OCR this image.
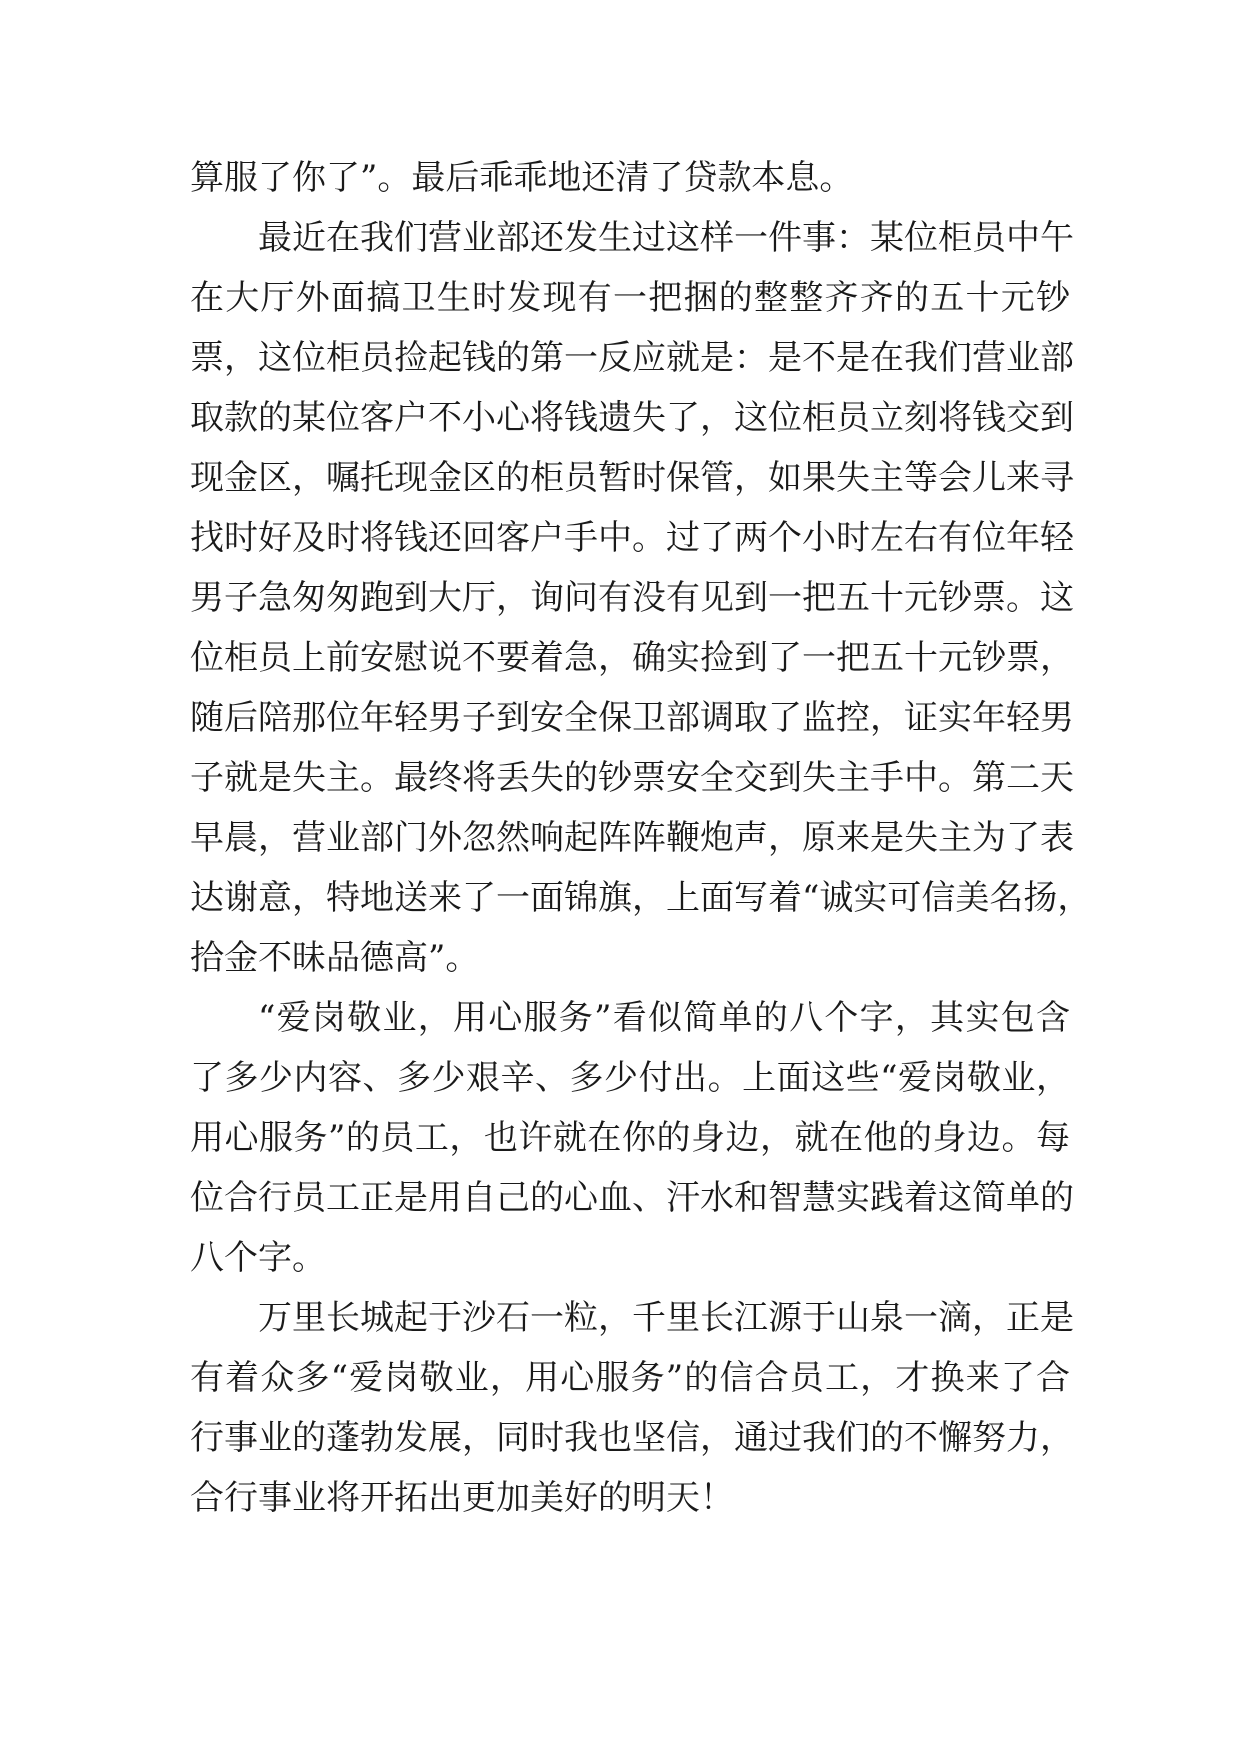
算服了你了”。最后乖乖地还清了贷款本息。
最近在我们营业部还发生过这样一件事：某位柜员中午
在大厅外面搞卫生时发现有一把捆的整整齐齐的五十元钞
票，这位柜员捡起钱的第一反应就是：是不是在我们营业部
取款的某位客户不小心将钱遗失了，这位柜员立刻将钱交到
现金区，嘱托现金区的柜员暂时保管，如果失主等会儿来寻
找时好及时将钱还回客户手中。过了两个小时左右有位年轻
男子急匆匆跑到大厅，询问有没有见到一把五十元钞票。这
位柜员上前安慰说不要着急，确实捡到了一把五十元钞票，
随后陪那位年轻男子到安全保卫部调取了监控，证实年轻男
子就是失主。最终将丢失的钞票安全交到失主手中。第二天
早晨，营业部门外忽然响起阵阵鞭炮声，原来是失主为了表
达谢意，特地送来了一面锦旗，上面写着“诚实可信美名扬，
拾金不昧品德高”。
“爱岗敬业，用心服务”看似简单的八个字，其实包含
了多少内容、多少艰辛、多少付出。上面这些“爱岗敬业，
用心服务”的员工，也许就在你的身边，就在他的身边。每
位合行员工正是用自己的心血、汗水和智慧实践着这简单的
八个字。
万里长城起于沙石一粒，千里长江源于山泉一滴，正是
有着众多“爱岗敬业，用心服务”的信合员工，才换来了合
行事业的蓬勃发展，同时我也坚信，通过我们的不懈努力，
合行事业将开拓出更加美好的明天！
